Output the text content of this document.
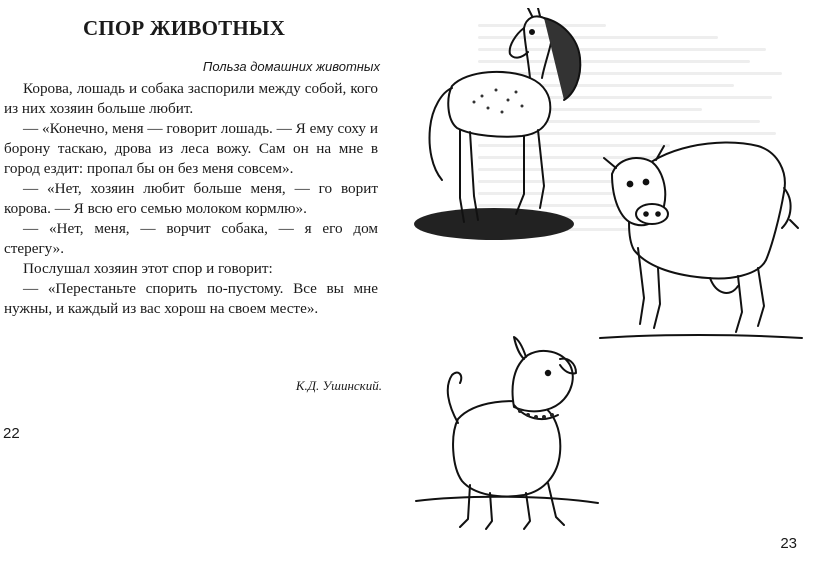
СПОР ЖИВОТНЫХ
Польза домашних животных

Корова, лошадь и собака заспорили между собой, кого из них хозяин больше любит.

— «Конечно, меня — говорит лошадь. — Я ему соху и борону таскаю, дрова из леса вожу. Сам он на мне в город ездит: пропал бы он без меня совсем».

— «Нет, хозяин любит больше меня, — го ворит корова. — Я всю его семью молоком кормлю».

— «Нет, меня, — ворчит собака, — я его дом стерегу».

Послушал хозяин этот спор и говорит:

— «Перестаньте спорить по-пустому. Все вы мне нужны, и каждый из вас хорош на своем месте».

К.Д. Ушинский.
22
23
